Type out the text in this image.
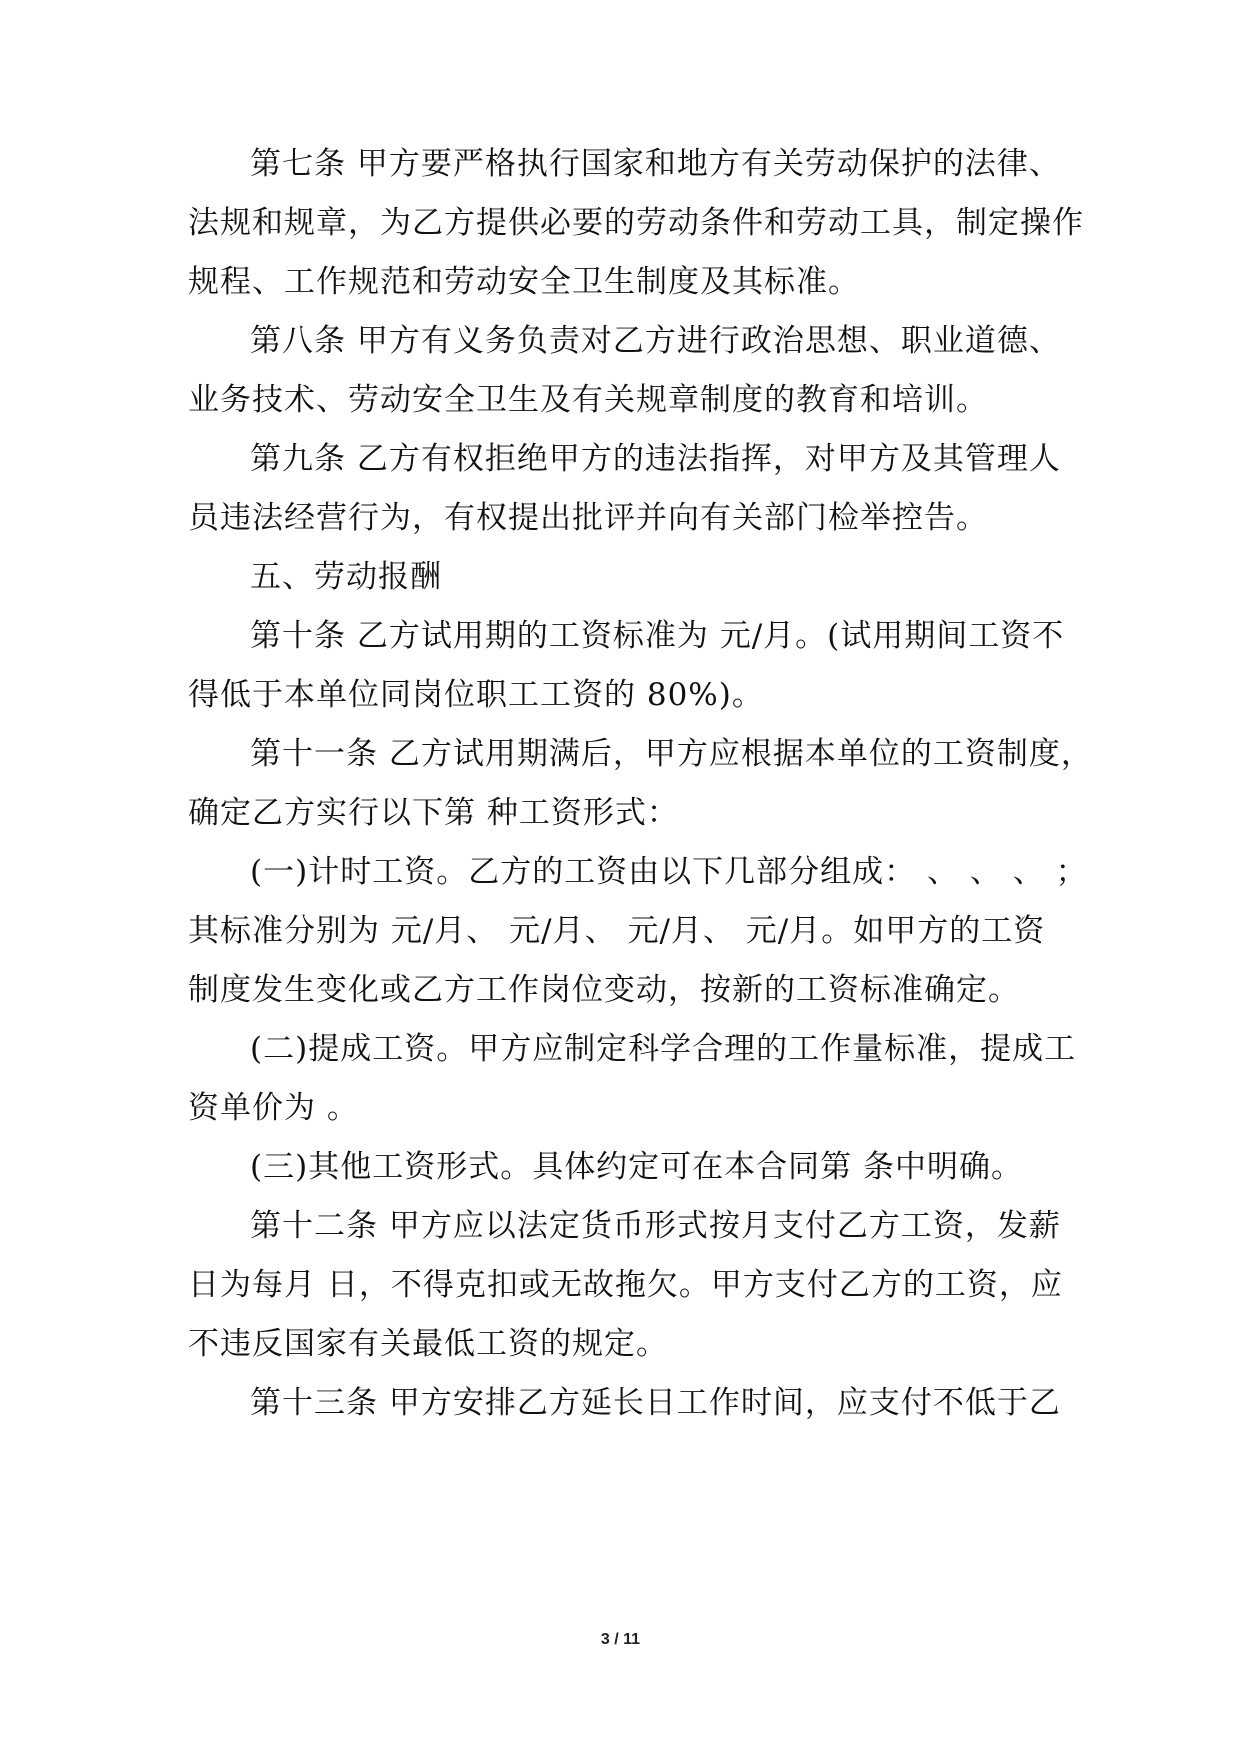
第七条 甲方要严格执行国家和地方有关劳动保护的法律、
法规和规章，为乙方提供必要的劳动条件和劳动工具，制定操作
规程、工作规范和劳动安全卫生制度及其标准。
第八条 甲方有义务负责对乙方进行政治思想、职业道德、
业务技术、劳动安全卫生及有关规章制度的教育和培训。
第九条 乙方有权拒绝甲方的违法指挥，对甲方及其管理人
员违法经营行为，有权提出批评并向有关部门检举控告。
五、劳动报酬
第十条 乙方试用期的工资标准为 元/月。(试用期间工资不
得低于本单位同岗位职工工资的 80%)。
第十一条 乙方试用期满后，甲方应根据本单位的工资制度，
确定乙方实行以下第 种工资形式：
(一)计时工资。乙方的工资由以下几部分组成： 、 、 、 ；
其标准分别为 元/月、 元/月、 元/月、 元/月。如甲方的工资
制度发生变化或乙方工作岗位变动，按新的工资标准确定。
(二)提成工资。甲方应制定科学合理的工作量标准，提成工
资单价为 。
(三)其他工资形式。具体约定可在本合同第 条中明确。
第十二条 甲方应以法定货币形式按月支付乙方工资，发薪
日为每月 日，不得克扣或无故拖欠。甲方支付乙方的工资，应
不违反国家有关最低工资的规定。
第十三条 甲方安排乙方延长日工作时间，应支付不低于乙
3 / 11
